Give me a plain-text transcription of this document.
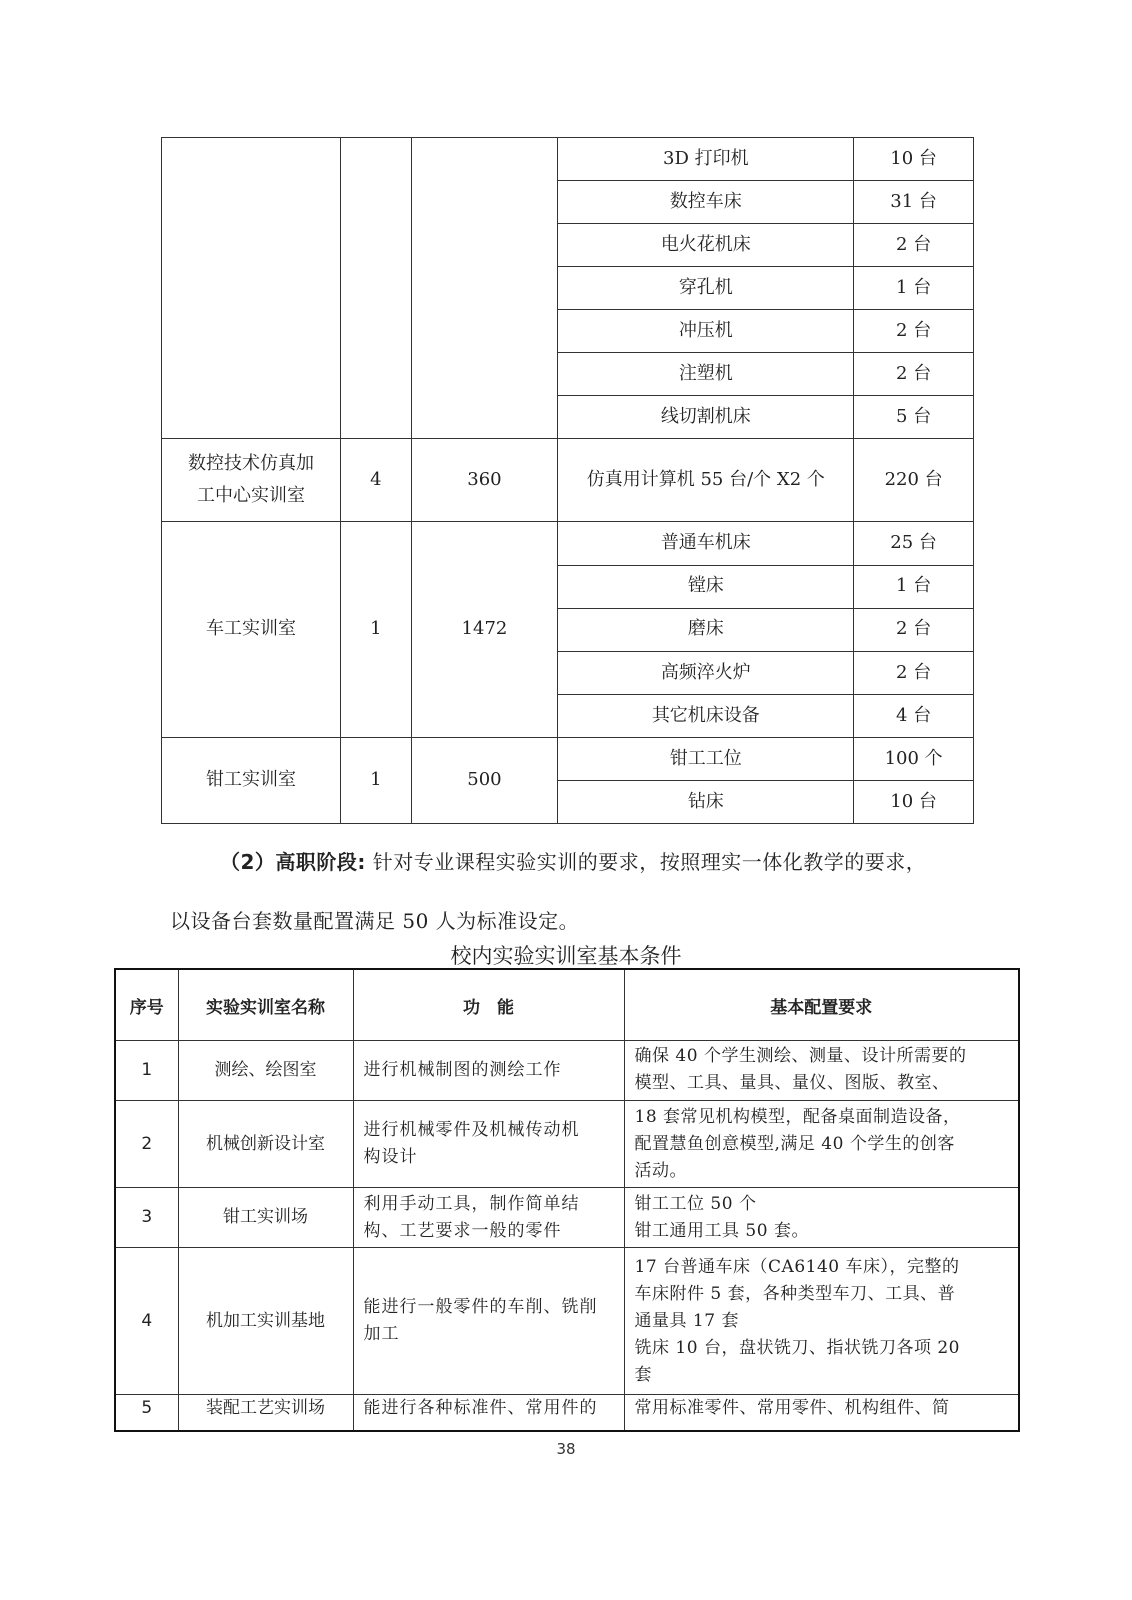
			3D 打印机	10 台
			数控车床	31 台
			电火花机床	2 台
			穿孔机	1 台
			冲压机	2 台
			注塑机	2 台
			线切割机床	5 台

数控技术仿真加
工中心实训室	4	360	仿真用计算机 55 台/个 X2 个	220 台
车工实训室	1	1472	普通车机床	25 台
			镗床	1 台
			磨床	2 台
			高频淬火炉	2 台
			其它机床设备	4 台
钳工实训室	1	500	钳工工位	100 个
			钻床	10 台
（2）高职阶段: 针对专业课程实验实训的要求，按照理实一体化教学的要求，
以设备台套数量配置满足 50 人为标准设定。
校内实验实训室基本条件
序号	实验实训室名称	功　能	基本配置要求
1	测绘、绘图室	进行机械制图的测绘工作	确保 40 个学生测绘、测量、设计所需要的
模型、工具、量具、量仪、图版、教室、

2	机械创新设计室	进行机械零件及机械传动机
构设计	18 套常见机构模型，配备桌面制造设备，
配置慧鱼创意模型,满足 40 个学生的创客
活动。

3	钳工实训场	利用手动工具，制作简单结
构、工艺要求一般的零件	钳工工位 50 个
钳工通用工具 50 套。

4	机加工实训基地	能进行一般零件的车削、铣削
加工	17 台普通车床（CA6140 车床），完整的
车床附件 5 套，各种类型车刀、工具、普
通量具 17 套
铣床 10 台，盘状铣刀、指状铣刀各项 20
套

5	装配工艺实训场	能进行各种标准件、常用件的	常用标准零件、常用零件、机构组件、简
38
